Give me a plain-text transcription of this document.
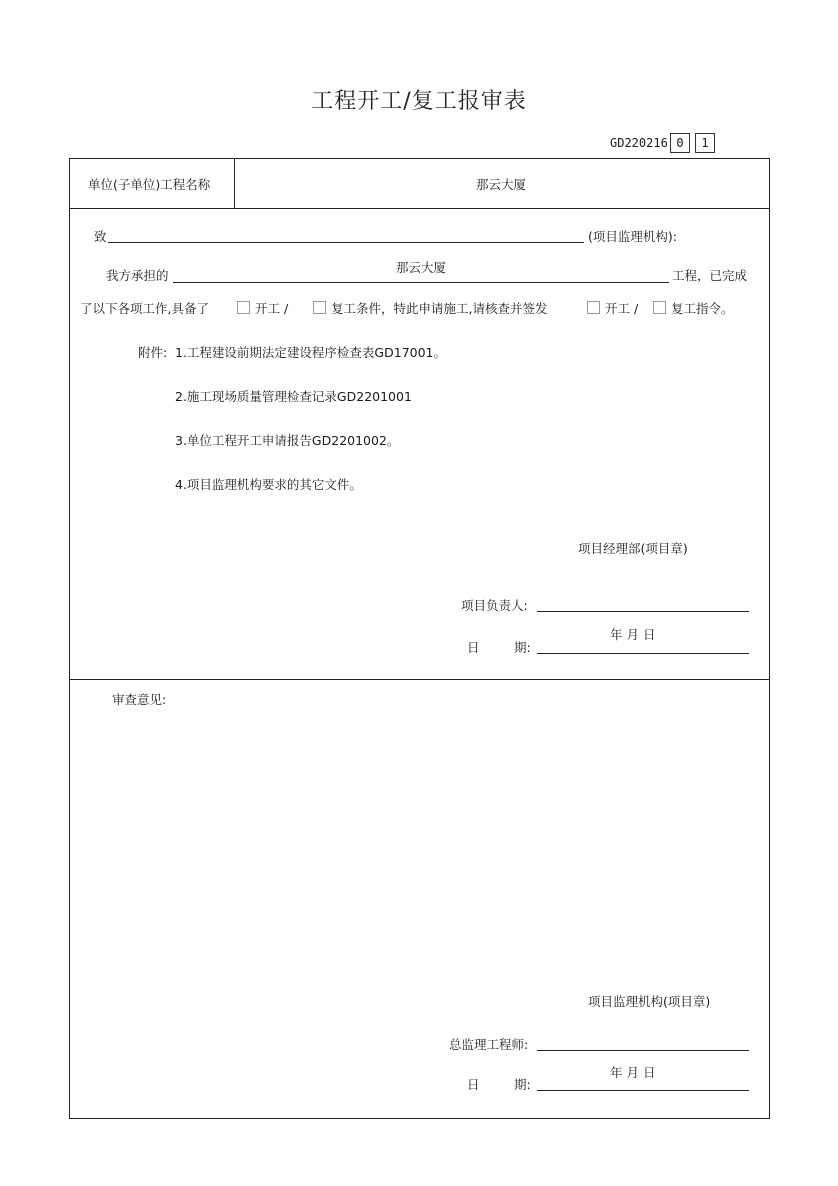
工程开工/复工报审表
GD220216 0	1
单位(子单位)工程名称	那云大厦
致	(项目监理机构):
我方承担的
那云大厦
工程，已完成
了以下各项工作,具备了	开工 /	复工条件，特此申请施工,请核查并签发	开工 /	复工指令。
附件: 1.工程建设前期法定建设程序检查表GD17001。
2.施工现场质量管理检查记录GD2201001
3.单位工程开工申请报告GD2201002。
4.项目监理机构要求的其它文件。
项目经理部(项目章)
项目负责人:
年 月 日
日	期:
审查意见:
项目监理机构(项目章)
总监理工程师:
年 月 日
日	期:
